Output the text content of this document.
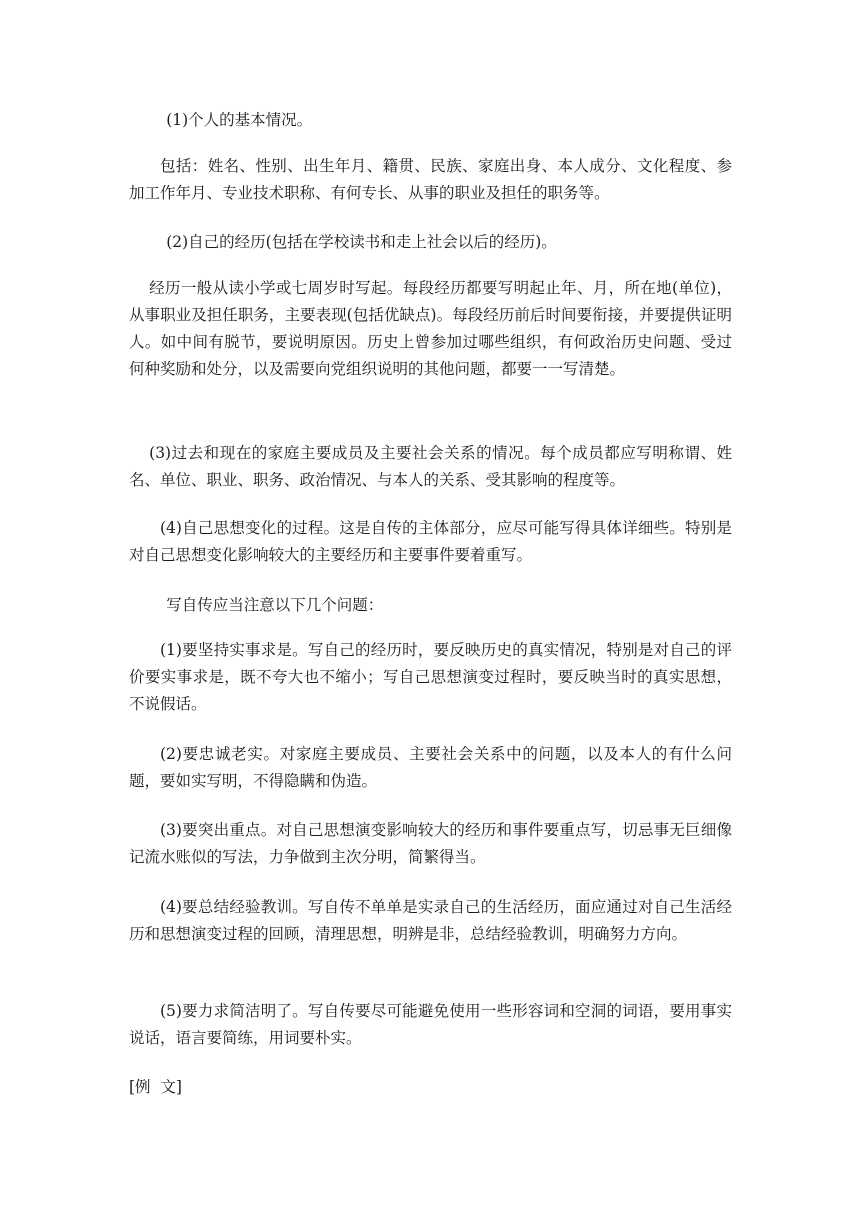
(1)个人的基本情况。

包括：姓名、性别、出生年月、籍贯、民族、家庭出身、本人成分、文化程度、参加工作年月、专业技术职称、有何专长、从事的职业及担任的职务等。

(2)自己的经历(包括在学校读书和走上社会以后的经历)。

经历一般从读小学或七周岁时写起。每段经历都要写明起止年、月，所在地(单位)，从事职业及担任职务，主要表现(包括优缺点)。每段经历前后时间要衔接，并要提供证明人。如中间有脱节，要说明原因。历史上曾参加过哪些组织，有何政治历史问题、受过何种奖励和处分，以及需要向党组织说明的其他问题，都要一一写清楚。

(3)过去和现在的家庭主要成员及主要社会关系的情况。每个成员都应写明称谓、姓名、单位、职业、职务、政治情况、与本人的关系、受其影响的程度等。

(4)自己思想变化的过程。这是自传的主体部分，应尽可能写得具体详细些。特别是对自己思想变化影响较大的主要经历和主要事件要着重写。

写自传应当注意以下几个问题：

(1)要坚持实事求是。写自己的经历时，要反映历史的真实情况，特别是对自己的评价要实事求是，既不夸大也不缩小；写自己思想演变过程时，要反映当时的真实思想，不说假话。

(2)要忠诚老实。对家庭主要成员、主要社会关系中的问题，以及本人的有什么问题，要如实写明，不得隐瞒和伪造。

(3)要突出重点。对自己思想演变影响较大的经历和事件要重点写，切忌事无巨细像记流水账似的写法，力争做到主次分明，简繁得当。

(4)要总结经验教训。写自传不单单是实录自己的生活经历，面应通过对自己生活经历和思想演变过程的回顾，清理思想，明辨是非，总结经验教训，明确努力方向。

(5)要力求简洁明了。写自传要尽可能避免使用一些形容词和空洞的词语，要用事实说话，语言要简练，用词要朴实。

[例  文]
